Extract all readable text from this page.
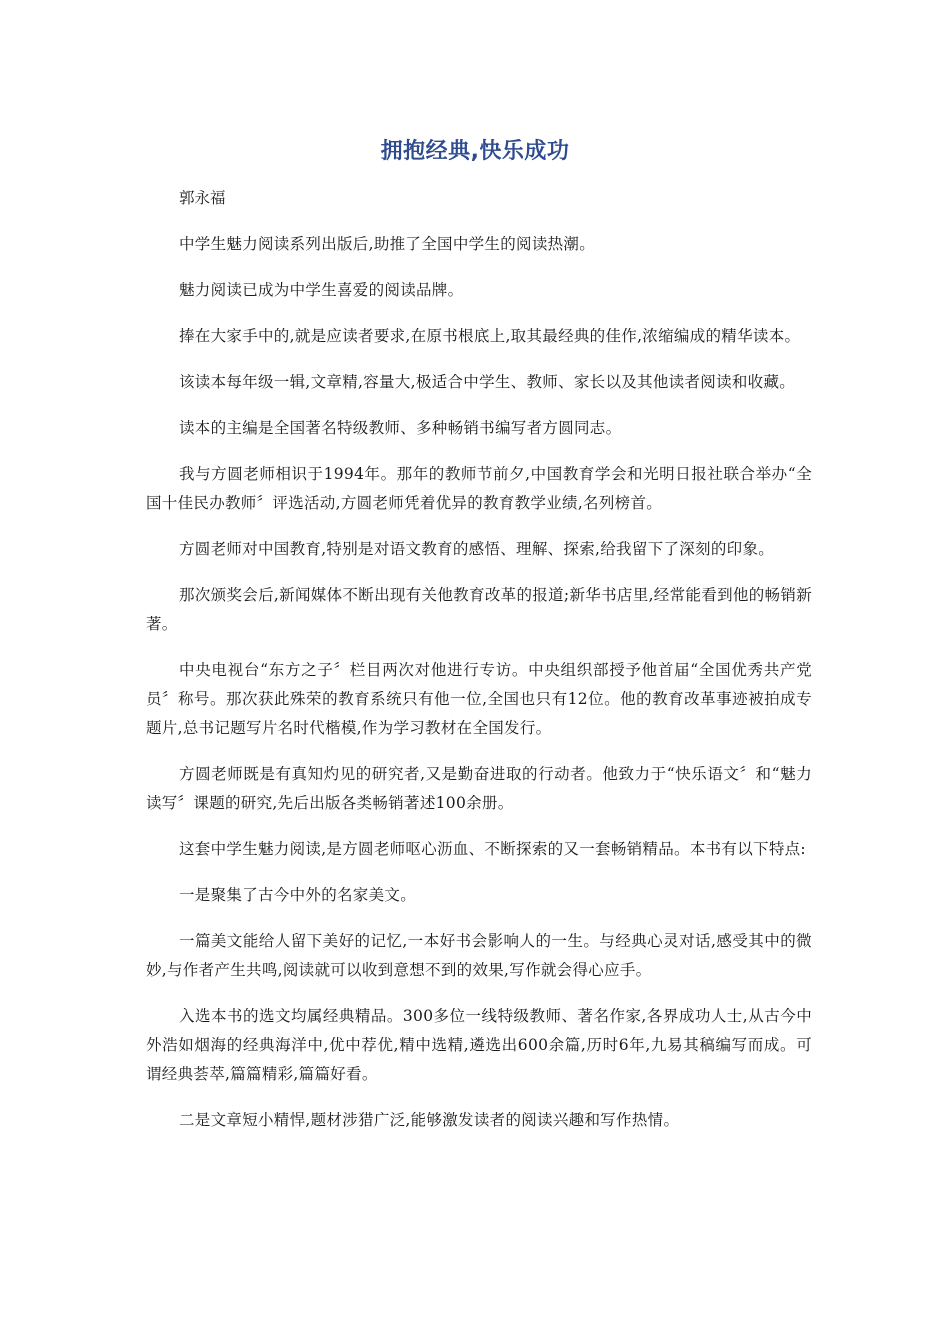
拥抱经典,快乐成功

郭永福

中学生魅力阅读系列出版后,助推了全国中学生的阅读热潮。

魅力阅读已成为中学生喜爱的阅读品牌。

捧在大家手中的,就是应读者要求,在原书根底上,取其最经典的佳作,浓缩编成的精华读本。

该读本每年级一辑,文章精,容量大,极适合中学生、教师、家长以及其他读者阅读和收藏。

读本的主编是全国著名特级教师、多种畅销书编写者方圆同志。

我与方圆老师相识于1994年。那年的教师节前夕,中国教育学会和光明日报社联合举办“全国十佳民办教师〞评选活动,方圆老师凭着优异的教育教学业绩,名列榜首。

方圆老师对中国教育,特别是对语文教育的感悟、理解、探索,给我留下了深刻的印象。

那次颁奖会后,新闻媒体不断出现有关他教育改革的报道;新华书店里,经常能看到他的畅销新著。

中央电视台“东方之子〞栏目两次对他进行专访。中央组织部授予他首届“全国优秀共产党员〞称号。那次获此殊荣的教育系统只有他一位,全国也只有12位。他的教育改革事迹被拍成专题片,总书记题写片名时代楷模,作为学习教材在全国发行。

方圆老师既是有真知灼见的研究者,又是勤奋进取的行动者。他致力于“快乐语文〞和“魅力读写〞课题的研究,先后出版各类畅销著述100余册。

这套中学生魅力阅读,是方圆老师呕心沥血、不断探索的又一套畅销精品。本书有以下特点:

一是聚集了古今中外的名家美文。

一篇美文能给人留下美好的记忆,一本好书会影响人的一生。与经典心灵对话,感受其中的微妙,与作者产生共鸣,阅读就可以收到意想不到的效果,写作就会得心应手。

入选本书的选文均属经典精品。300多位一线特级教师、著名作家,各界成功人士,从古今中外浩如烟海的经典海洋中,优中荐优,精中选精,遴选出600余篇,历时6年,九易其稿编写而成。可谓经典荟萃,篇篇精彩,篇篇好看。

二是文章短小精悍,题材涉猎广泛,能够激发读者的阅读兴趣和写作热情。
